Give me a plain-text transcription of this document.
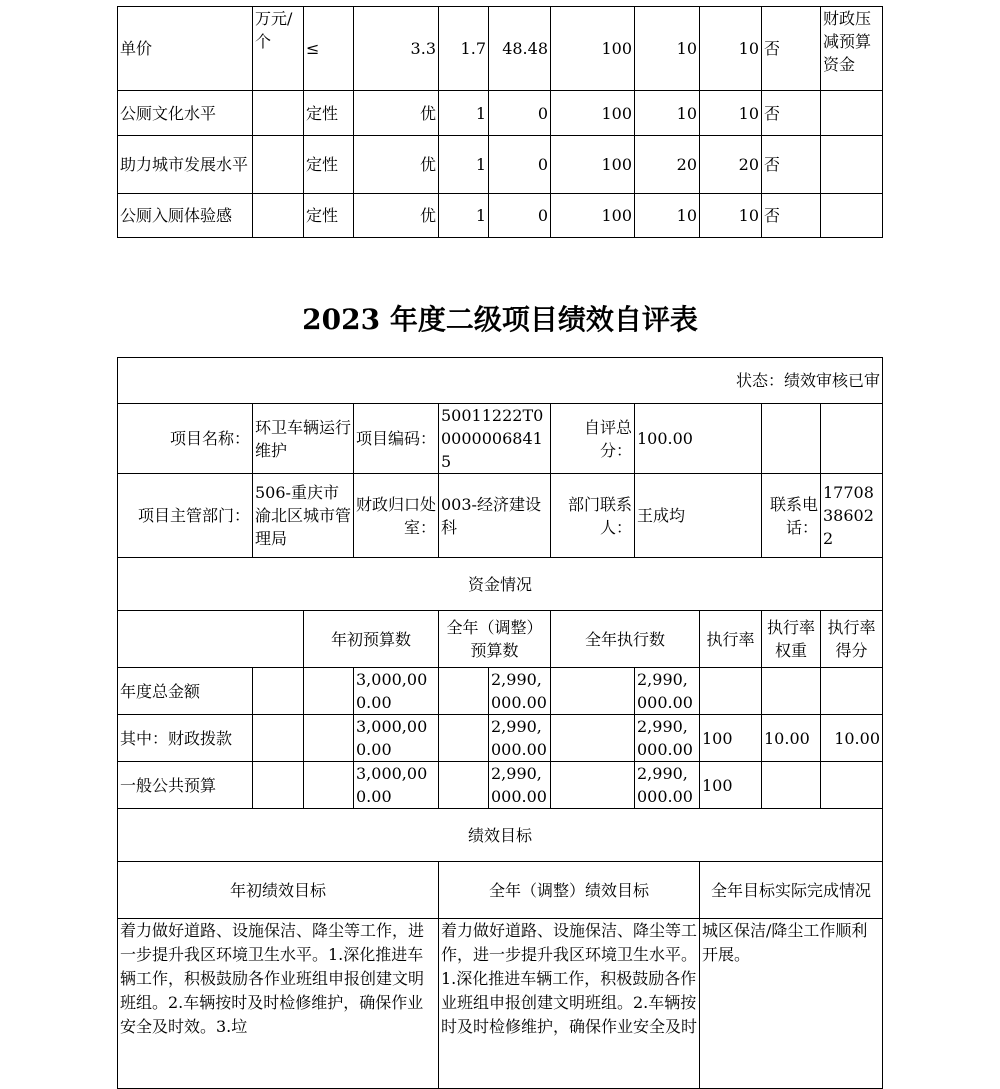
单价	万元/个	≤	3.3	1.7	48.48	100	10	10	否	财政压减预算资金
公厕文化水平		定性	优	1	0	100	10	10	否	
助力城市发展水平		定性	优	1	0	100	20	20	否	
公厕入厕体验感		定性	优	1	0	100	10	10	否	
2023 年度二级项目绩效自评表
状态：绩效审核已审										
项目名称：	环卫车辆运行维护		项目编码：	50011222T000000068415		自评总分：	100.00			
项目主管部门：	506-重庆市渝北区城市管理局		财政归口处室：	003-经济建设科		部门联系人：	王成均		联系电话：	17708386022
资金情况										
		年初预算数		全年（调整）预算数		全年执行数		执行率	执行率权重	执行率得分
年度总金额			3,000,000.00		2,990,000.00		2,990,000.00			
其中：财政拨款			3,000,000.00		2,990,000.00		2,990,000.00	100	10.00	10.00
一般公共预算			3,000,000.00		2,990,000.00		2,990,000.00	100		
绩效目标										
年初绩效目标				全年（调整）绩效目标				全年目标实际完成情况		
着力做好道路、设施保洁、降尘等工作，进一步提升我区环境卫生水平。1.深化推进车辆工作，积极鼓励各作业班组申报创建文明班组。2.车辆按时及时检修维护，确保作业安全及时效。3.垃				着力做好道路、设施保洁、降尘等工作，进一步提升我区环境卫生水平。1.深化推进车辆工作，积极鼓励各作业班组申报创建文明班组。2.车辆按时及时检修维护，确保作业安全及时				城区保洁/降尘工作顺利开展。		
